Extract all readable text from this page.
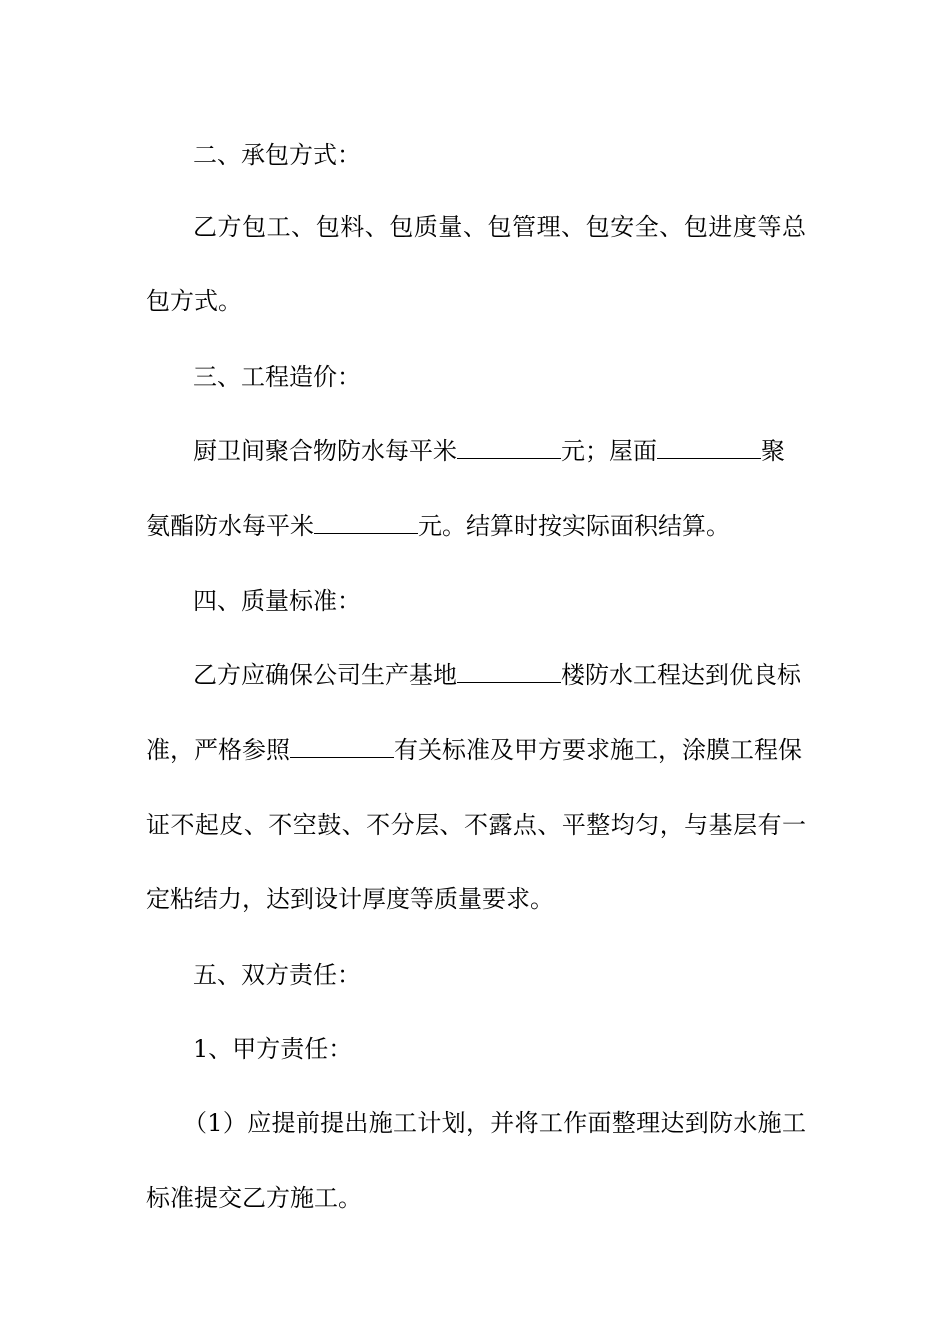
二、承包方式：
乙方包工、包料、包质量、包管理、包安全、包进度等总
包方式。
三、工程造价：
厨卫间聚合物防水每平米	元；屋面	聚
氨酯防水每平米	元。结算时按实际面积结算。
四、质量标准：
乙方应确保公司生产基地	楼防水工程达到优良标
准，严格参照	有关标准及甲方要求施工，涂膜工程保
证不起皮、不空鼓、不分层、不露点、平整均匀，与基层有一
定粘结力，达到设计厚度等质量要求。
五、双方责任：
1、甲方责任：
（1）应提前提出施工计划，并将工作面整理达到防水施工
标准提交乙方施工。
